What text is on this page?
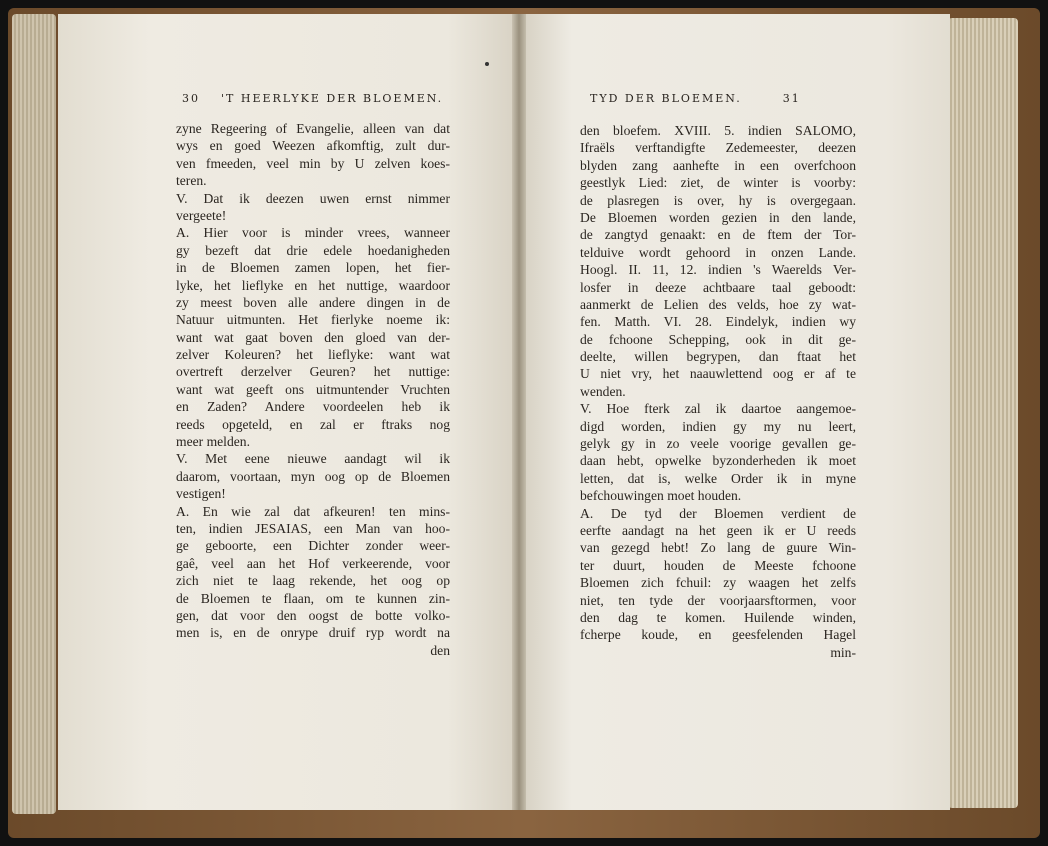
30 'T HEERLYKE DER BLOEMEN.	TYD DER BLOEMEN.	31
zyne Regeering of Evangelie, alleen van dat
wys en goed Weezen afkomftig, zult dur-
ven fmeeden, veel min by U zelven koes-
teren.
V. Dat ik deezen uwen ernst nimmer
vergeete!
A. Hier voor is minder vrees, wanneer
gy bezeft dat drie edele hoedanigheden
in de Bloemen zamen lopen, het fier-
lyke, het lieflyke en het nuttige, waardoor
zy meest boven alle andere dingen in de
Natuur uitmunten. Het fierlyke noeme ik:
want wat gaat boven den gloed van der-
zelver Koleuren? het lieflyke: want wat
overtreft derzelver Geuren? het nuttige:
want wat geeft ons uitmuntender Vruchten
en Zaden? Andere voordeelen heb ik
reeds opgeteld, en zal er ftraks nog
meer melden.
V. Met eene nieuwe aandagt wil ik
daarom, voortaan, myn oog op de Bloemen
vestigen!
A. En wie zal dat afkeuren! ten mins-
ten, indien JESAIAS, een Man van hoo-
ge geboorte, een Dichter zonder weer-
gaê, veel aan het Hof verkeerende, voor
zich niet te laag rekende, het oog op
de Bloemen te flaan, om te kunnen zin-
gen, dat voor den oogst de botte volko-
men is, en de onrype druif ryp wordt na
den
den bloefem. XVIII. 5. indien SALOMO,
Ifraëls verftandigfte Zedemeester, deezen
blyden zang aanhefte in een overfchoon
geestlyk Lied: ziet, de winter is voorby:
de plasregen is over, hy is overgegaan.
De Bloemen worden gezien in den lande,
de zangtyd genaakt: en de ftem der Tor-
telduive wordt gehoord in onzen Lande.
Hoogl. II. 11, 12. indien 's Waerelds Ver-
losfer in deeze achtbaare taal geboodt:
aanmerkt de Lelien des velds, hoe zy wat-
fen. Matth. VI. 28. Eindelyk, indien wy
de fchoone Schepping, ook in dit ge-
deelte, willen begrypen, dan ftaat het
U niet vry, het naauwlettend oog er af te
wenden.
V. Hoe fterk zal ik daartoe aangemoe-
digd worden, indien gy my nu leert,
gelyk gy in zo veele voorige gevallen ge-
daan hebt, opwelke byzonderheden ik moet
letten, dat is, welke Order ik in myne
befchouwingen moet houden.
A. De tyd der Bloemen verdient de
eerfte aandagt na het geen ik er U reeds
van gezegd hebt! Zo lang de guure Win-
ter duurt, houden de Meeste fchoone
Bloemen zich fchuil: zy waagen het zelfs
niet, ten tyde der voorjaarsftormen, voor
den dag te komen. Huilende winden,
fcherpe koude, en geesfelenden Hagel
min-
